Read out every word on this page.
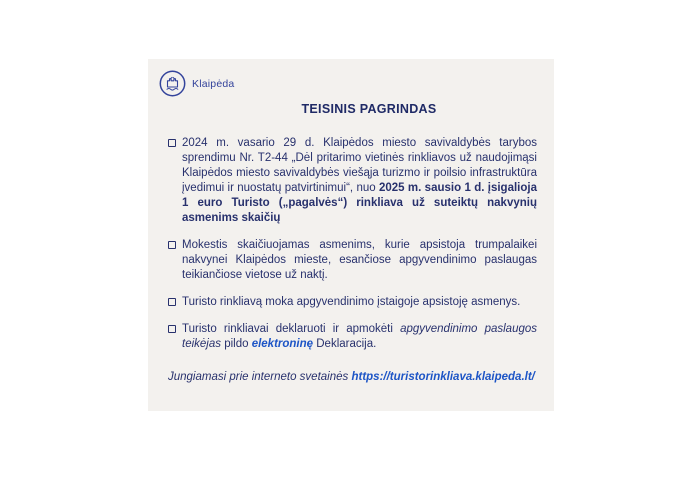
Klaipėda
TEISINIS PAGRINDAS
2024 m. vasario 29 d. Klaipėdos miesto savivaldybės tarybos sprendimu Nr. T2-44 „Dėl pritarimo vietinės rinkliavos už naudojimąsi Klaipėdos miesto savivaldybės viešąja turizmo ir poilsio infrastruktūra įvedimui ir nuostatų patvirtinimui“, nuo 2025 m. sausio 1 d. įsigalioja 1 euro Turisto („pagalvės“) rinkliava už suteiktų nakvynių asmenims skaičių
Mokestis skaičiuojamas asmenims, kurie apsistoja trumpalaikei nakvynei Klaipėdos mieste, esančiose apgyvendinimo paslaugas teikiančiose vietose už naktį.
Turisto rinkliavą moka apgyvendinimo įstaigoje apsistoję asmenys.
Turisto rinkliavai deklaruoti ir apmokėti apgyvendinimo paslaugos teikėjas pildo elektroninę Deklaracija.

Jungiamasi prie interneto svetainės https://turistorinkliava.klaipeda.lt/
